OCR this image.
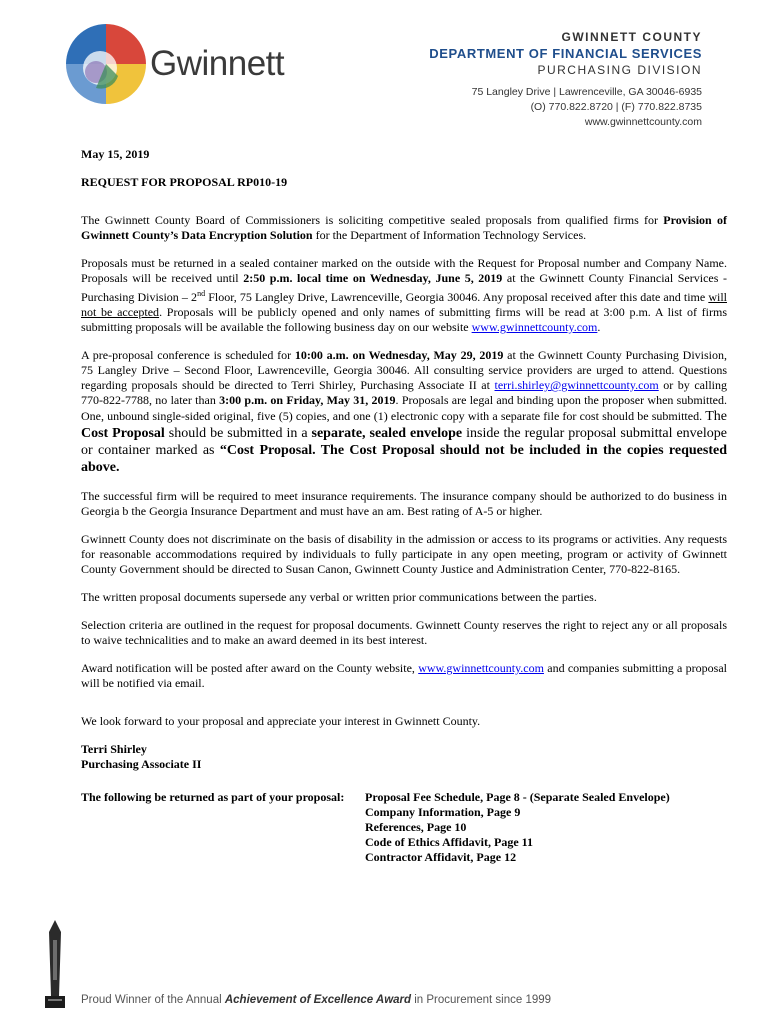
Gwinnett
GWINNETT COUNTY
DEPARTMENT OF FINANCIAL SERVICES
PURCHASING DIVISION
75 Langley Drive | Lawrenceville, GA 30046-6935
(O) 770.822.8720 | (F) 770.822.8735
www.gwinnettcounty.com

May 15, 2019

REQUEST FOR PROPOSAL RP010-19

The Gwinnett County Board of Commissioners is soliciting competitive sealed proposals from qualified firms for Provision of Gwinnett County’s Data Encryption Solution for the Department of Information Technology Services.

Proposals must be returned in a sealed container marked on the outside with the Request for Proposal number and Company Name. Proposals will be received until 2:50 p.m. local time on Wednesday, June 5, 2019 at the Gwinnett County Financial Services - Purchasing Division – 2nd Floor, 75 Langley Drive, Lawrenceville, Georgia 30046. Any proposal received after this date and time will not be accepted. Proposals will be publicly opened and only names of submitting firms will be read at 3:00 p.m. A list of firms submitting proposals will be available the following business day on our website www.gwinnettcounty.com.

A pre-proposal conference is scheduled for 10:00 a.m. on Wednesday, May 29, 2019 at the Gwinnett County Purchasing Division, 75 Langley Drive – Second Floor, Lawrenceville, Georgia 30046. All consulting service providers are urged to attend. Questions regarding proposals should be directed to Terri Shirley, Purchasing Associate II at terri.shirley@gwinnettcounty.com or by calling 770-822-7788, no later than 3:00 p.m. on Friday, May 31, 2019. Proposals are legal and binding upon the proposer when submitted. One, unbound single-sided original, five (5) copies, and one (1) electronic copy with a separate file for cost should be submitted. The Cost Proposal should be submitted in a separate, sealed envelope inside the regular proposal submittal envelope or container marked as “Cost Proposal. The Cost Proposal should not be included in the copies requested above.

The successful firm will be required to meet insurance requirements. The insurance company should be authorized to do business in Georgia b the Georgia Insurance Department and must have an am. Best rating of A-5 or higher.

Gwinnett County does not discriminate on the basis of disability in the admission or access to its programs or activities. Any requests for reasonable accommodations required by individuals to fully participate in any open meeting, program or activity of Gwinnett County Government should be directed to Susan Canon, Gwinnett County Justice and Administration Center, 770-822-8165.

The written proposal documents supersede any verbal or written prior communications between the parties.

Selection criteria are outlined in the request for proposal documents. Gwinnett County reserves the right to reject any or all proposals to waive technicalities and to make an award deemed in its best interest.

Award notification will be posted after award on the County website, www.gwinnettcounty.com and companies submitting a proposal will be notified via email.

We look forward to your proposal and appreciate your interest in Gwinnett County.

Terri Shirley
Purchasing Associate II
The following be returned as part of your proposal:	Proposal Fee Schedule, Page 8 - (Separate Sealed Envelope)
Company Information, Page 9
References, Page 10
Code of Ethics Affidavit, Page 11
Contractor Affidavit, Page 12
Proud Winner of the Annual Achievement of Excellence Award in Procurement since 1999
